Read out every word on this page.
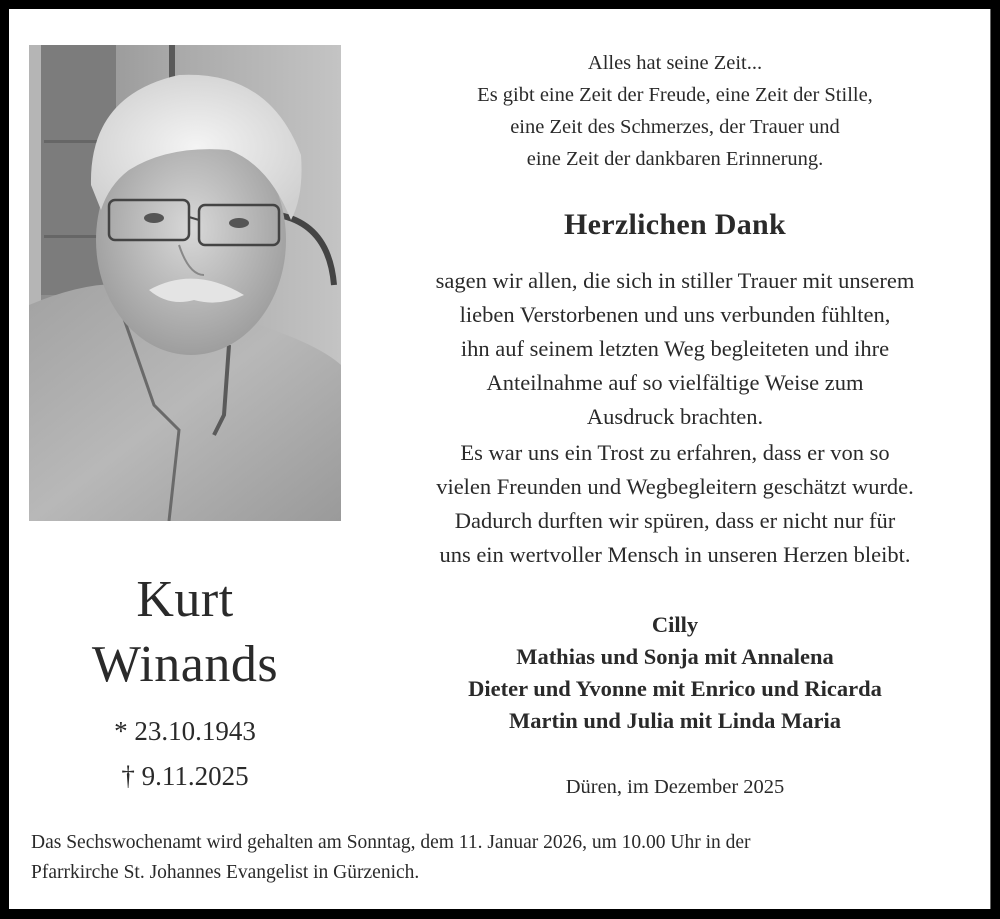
Kurt
Winands
* 23.10.1943
† 9.11.2025
Alles hat seine Zeit...
Es gibt eine Zeit der Freude, eine Zeit der Stille,
eine Zeit des Schmerzes, der Trauer und
eine Zeit der dankbaren Erinnerung.
Herzlichen Dank
sagen wir allen, die sich in stiller Trauer mit unserem
lieben Verstorbenen und uns verbunden fühlten,
ihn auf seinem letzten Weg begleiteten und ihre
Anteilnahme auf so vielfältige Weise zum
Ausdruck brachten.
Es war uns ein Trost zu erfahren, dass er von so
vielen Freunden und Wegbegleitern geschätzt wurde.
Dadurch durften wir spüren, dass er nicht nur für
uns ein wertvoller Mensch in unseren Herzen bleibt.
Cilly
Mathias und Sonja mit Annalena
Dieter und Yvonne mit Enrico und Ricarda
Martin und Julia mit Linda Maria
Düren, im Dezember 2025
Das Sechswochenamt wird gehalten am Sonntag, dem 11. Januar 2026, um 10.00 Uhr in der
Pfarrkirche St. Johannes Evangelist in Gürzenich.
